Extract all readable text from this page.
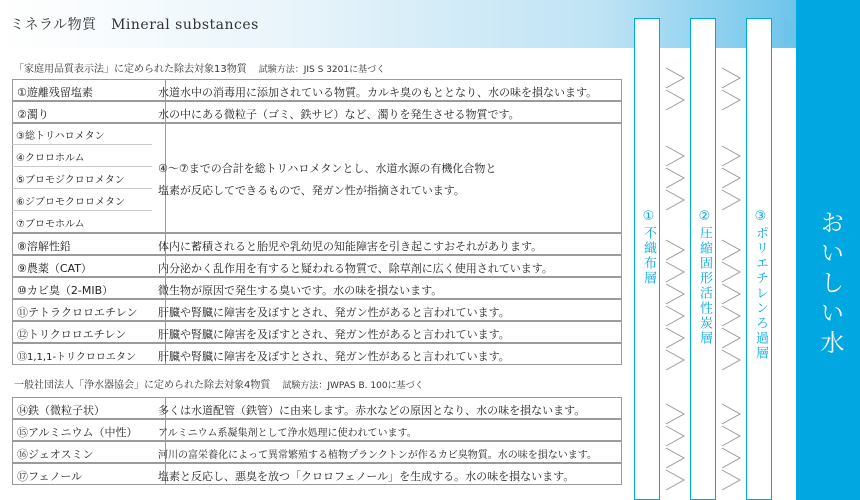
ミネラル物質　Mineral substances
おいしい水
「家庭用品質表示法」に定められた除去対象13物質 試験方法：JIS S 3201に基づく
①遊離残留塩素	水道水中の消毒用に添加されている物質。カルキ臭のもととなり、水の味を損ないます。
②濁り	水の中にある微粒子（ゴミ、鉄サビ）など、濁りを発生させる物質です。
④～⑦までの合計を総トリハロメタンとし、水道水源の有機化合物と
塩素が反応してできるもので、発ガン性が指摘されています。
③総トリハロメタン
④クロロホルム
⑤ブロモジクロロメタン
⑥ジブロモクロロメタン
⑦ブロモホルム
⑧溶解性鉛	体内に蓄積されると胎児や乳幼児の知能障害を引き起こすおそれがあります。
⑨農薬（CAT）	内分泌かく乱作用を有すると疑われる物質で、除草剤に広く使用されています。
⑩カビ臭（2-MIB）	微生物が原因で発生する臭いです。水の味を損ないます。
⑪テトラクロロエチレン 肝臓や腎臓に障害を及ぼすとされ、発ガン性があると言われています。
⑫トリクロロエチレン	肝臓や腎臓に障害を及ぼすとされ、発ガン性があると言われています。
⑬1,1,1-トリクロロエタン 肝臓や腎臓に障害を及ぼすとされ、発ガン性があると言われています。
一般社団法人「浄水器協会」に定められた除去対象4物質 試験方法：JWPAS B. 100に基づく
⑭鉄（微粒子状）	多くは水道配管（鉄管）に由来します。赤水などの原因となり、水の味を損ないます。
⑮アルミニウム（中性） アルミニウム系凝集剤として浄水処理に使われています。
⑯ジェオスミン	河川の富栄養化によって異常繁殖する植物プランクトンが作るカビ臭物質。水の味を損ないます。
⑰フェノール	塩素と反応し、悪臭を放つ「クロロフェノール」を生成する。水の味を損ないます。
①不織布層	②圧縮固形活性炭層	③ポリエチレンろ過層
